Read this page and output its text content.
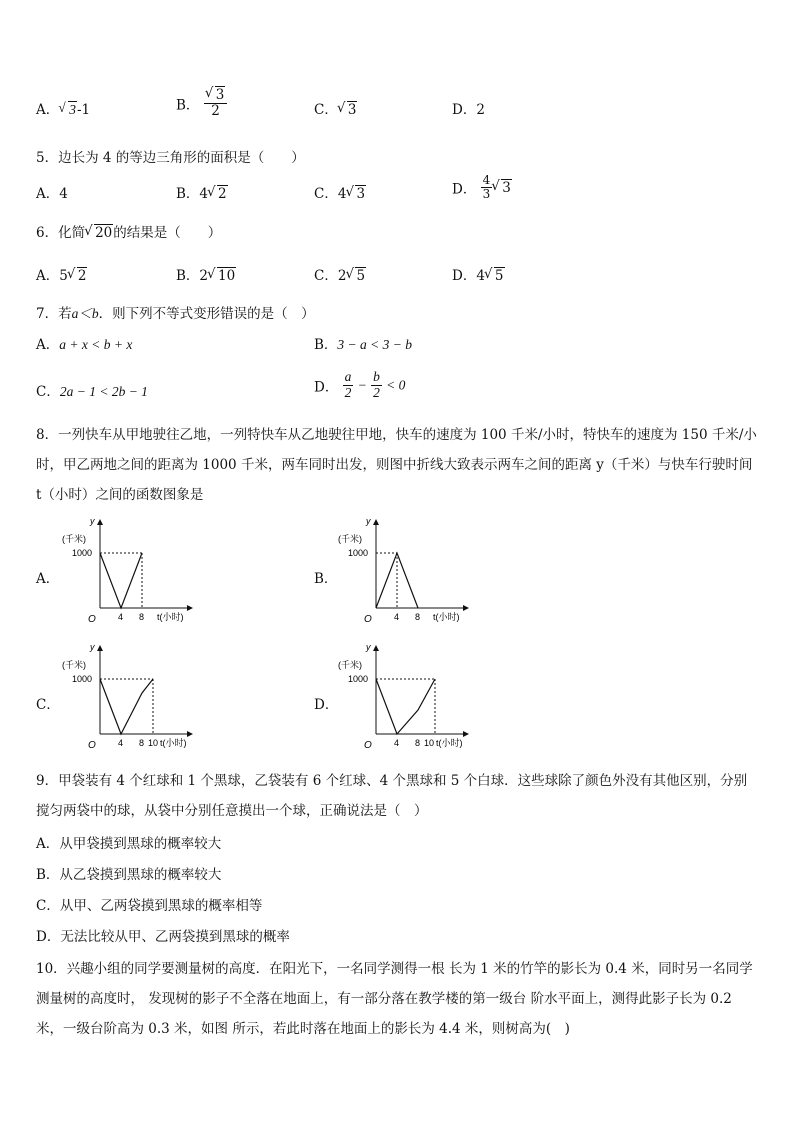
A． √ 3-1	B． √ $\frac{3}{2}$	C． √ 3	D．2
5．边长为 4 的等边三角形的面积是（　　）
A．4	B．4 √ 2	C．4 √ 3	D． $\frac{4}{3}$ √ 3
6．化简 √ 20的结果是（　　）
A．5 √ 2	B．2 √ 10	C．2 √ 5	D．4 √ 5
7．若a＜b．则下列不等式变形错误的是（　）
A．a + x < b + x	B．3 − a < 3 − b
C．2a − 1 < 2b − 1	D． $\frac{a}{2} - \frac{b}{2} < 0$
8．一列快车从甲地驶往乙地，一列特快车从乙地驶往甲地，快车的速度为 100 千米/小时，特快车的速度为 150 千米/小时，甲乙两地之间的距离为 1000 千米，两车同时出发，则图中折线大致表示两车之间的距离 y（千米）与快车行驶时间 t（小时）之间的函数图象是
A．	B．
C．	D．
y
(千米)
1000
O 4 8 t(小时)
y
(千米)
1000
O 4 8 t(小时)
y
(千米)
1000
O 4 8 10 t(小时)
y
(千米)
1000
O 4 8 10 t(小时)
9．甲袋装有 4 个红球和 1 个黑球，乙袋装有 6 个红球、4 个黑球和 5 个白球．这些球除了颜色外没有其他区别，分别搅匀两袋中的球，从袋中分别任意摸出一个球，正确说法是（　）
A．从甲袋摸到黑球的概率较大
B．从乙袋摸到黑球的概率较大
C．从甲、乙两袋摸到黑球的概率相等
D．无法比较从甲、乙两袋摸到黑球的概率
10．兴趣小组的同学要测量树的高度．在阳光下，一名同学测得一根 长为 1 米的竹竿的影长为 0.4 米，同时另一名同学测量树的高度时， 发现树的影子不全落在地面上，有一部分落在教学楼的第一级台 阶水平面上，测得此影子长为 0.2 米，一级台阶高为 0.3 米，如图 所示，若此时落在地面上的影长为 4.4 米，则树高为(　)
